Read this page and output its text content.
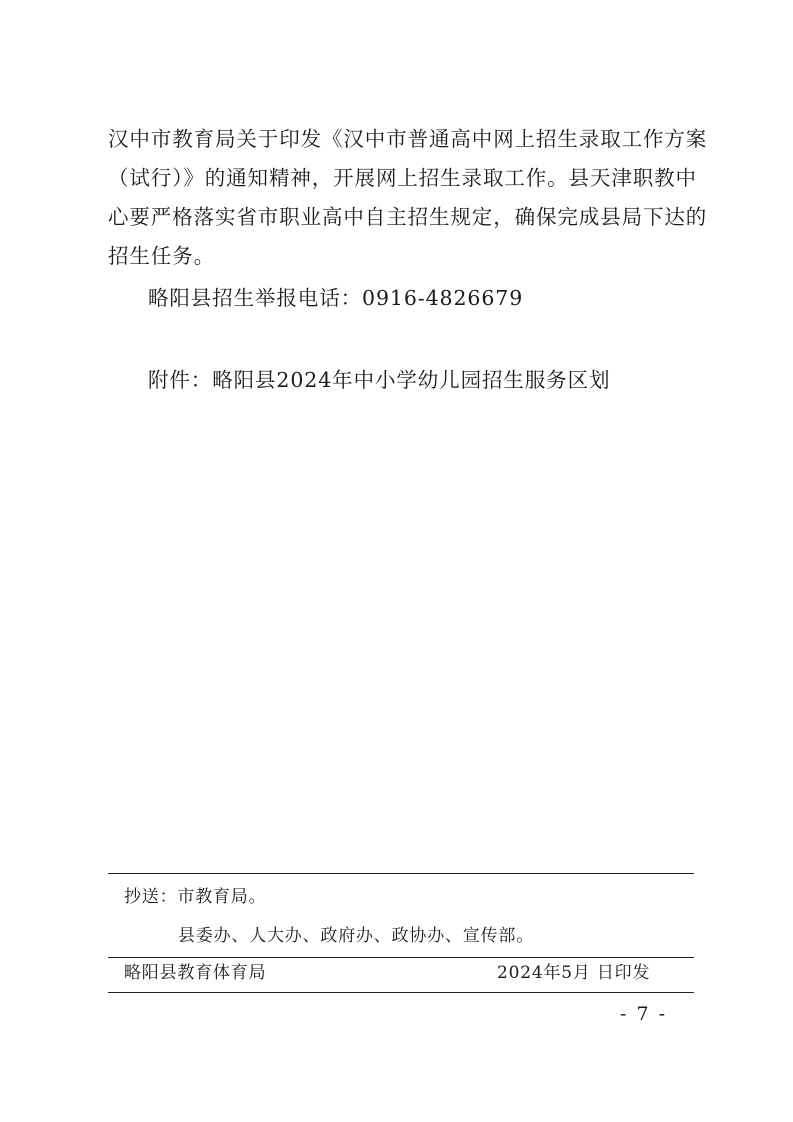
汉中市教育局关于印发《汉中市普通高中网上招生录取工作方案
（试行）》的通知精神，开展网上招生录取工作。县天津职教中
心要严格落实省市职业高中自主招生规定，确保完成县局下达的
招生任务。
略阳县招生举报电话：0916-4826679
附件：略阳县2024年中小学幼儿园招生服务区划
抄送：市教育局。
县委办、人大办、政府办、政协办、宣传部。
略阳县教育体育局	2024年5月 日印发
- 7 -
